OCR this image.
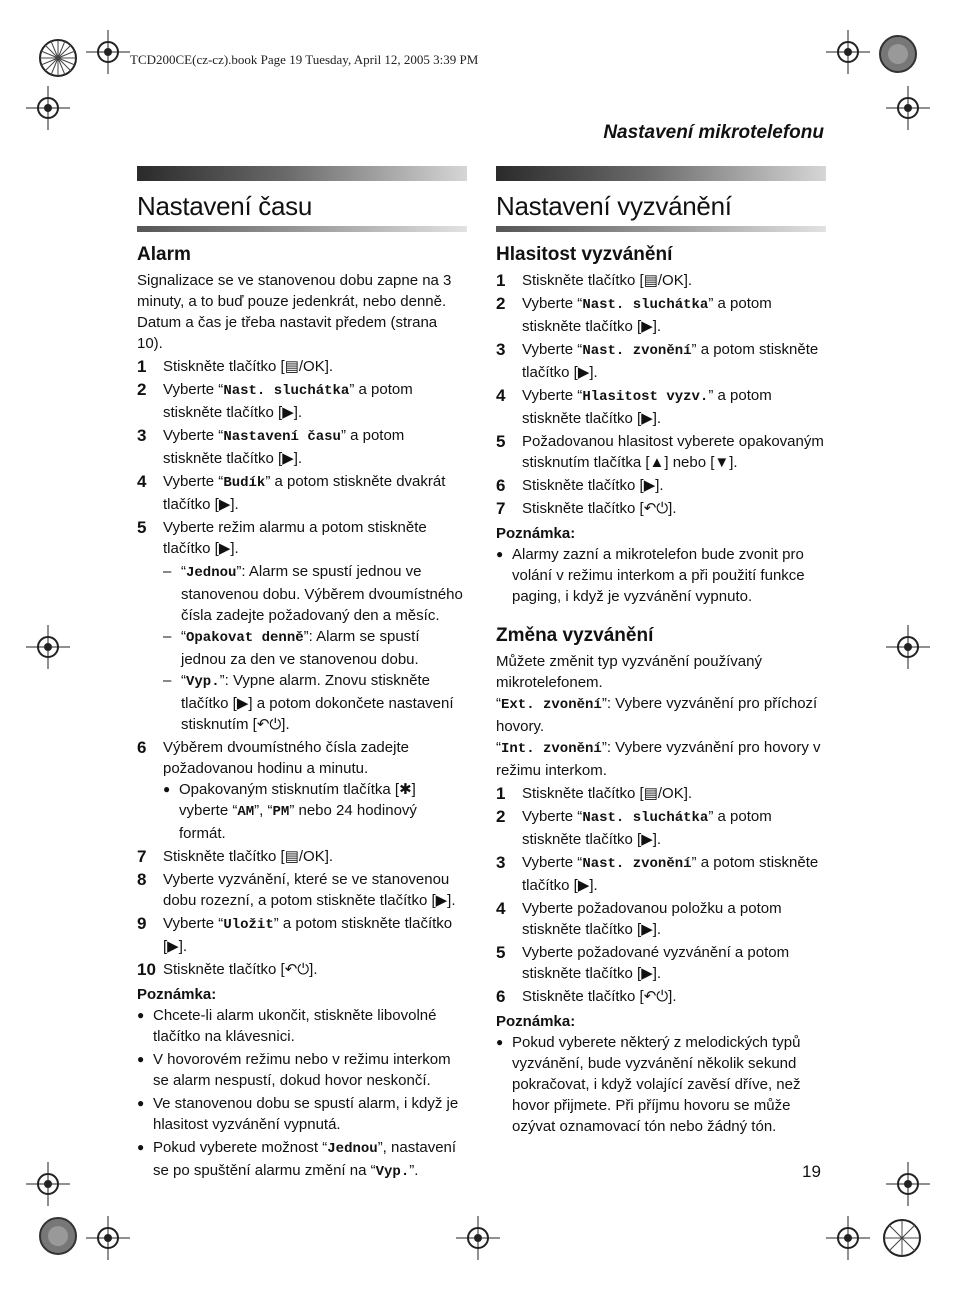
TCD200CE(cz-cz).book Page 19 Tuesday, April 12, 2005 3:39 PM
Nastavení mikrotelefonu
Nastavení času
Alarm

Signalizace se ve stanovenou dobu zapne na 3 minuty, a to buď pouze jedenkrát, nebo denně. Datum a čas je třeba nastavit předem (strana 10).

1 Stiskněte tlačítko [▤/OK].
2 Vyberte “Nast. sluchátka” a potom stiskněte tlačítko [▶].
3 Vyberte “Nastavení času” a potom stiskněte tlačítko [▶].
4 Vyberte “Budík” a potom stiskněte dvakrát tlačítko [▶].
5 Vyberte režim alarmu a potom stiskněte tlačítko [▶].
– “Jednou”: Alarm se spustí jednou ve stanovenou dobu. Výběrem dvoumístného čísla zadejte požadovaný den a měsíc.
– “Opakovat denně”: Alarm se spustí jednou za den ve stanovenou dobu.
– “Vyp.”: Vypne alarm. Znovu stiskněte tlačítko [▶] a potom dokončete nastavení stisknutím [↶⏻].
6 Výběrem dvoumístného čísla zadejte požadovanou hodinu a minutu.
● Opakovaným stisknutím tlačítka [✱] vyberte “AM”, “PM” nebo 24 hodinový formát.
7 Stiskněte tlačítko [▤/OK].
8 Vyberte vyzvánění, které se ve stanovenou dobu rozezní, a potom stiskněte tlačítko [▶].
9 Vyberte “Uložit” a potom stiskněte tlačítko [▶].
10 Stiskněte tlačítko [↶⏻].
Poznámka:
● Chcete-li alarm ukončit, stiskněte libovolné tlačítko na klávesnici.
● V hovorovém režimu nebo v režimu interkom se alarm nespustí, dokud hovor neskončí.
● Ve stanovenou dobu se spustí alarm, i když je hlasitost vyzvánění vypnutá.
● Pokud vyberete možnost “Jednou”, nastavení se po spuštění alarmu změní na “Vyp.”.
Nastavení vyzvánění
Hlasitost vyzvánění
1 Stiskněte tlačítko [▤/OK].
2 Vyberte “Nast. sluchátka” a potom stiskněte tlačítko [▶].
3 Vyberte “Nast. zvonění” a potom stiskněte tlačítko [▶].
4 Vyberte “Hlasitost vyzv.” a potom stiskněte tlačítko [▶].
5 Požadovanou hlasitost vyberete opakovaným stisknutím tlačítka [▲] nebo [▼].
6 Stiskněte tlačítko [▶].
7 Stiskněte tlačítko [↶⏻].
Poznámka:
● Alarmy zazní a mikrotelefon bude zvonit pro volání v režimu interkom a při použití funkce paging, i když je vyzvánění vypnuto.
Změna vyzvánění

Můžete změnit typ vyzvánění používaný mikrotelefonem.

“Ext. zvonění”: Vybere vyzvánění pro příchozí hovory.

“Int. zvonění”: Vybere vyzvánění pro hovory v režimu interkom.

1 Stiskněte tlačítko [▤/OK].
2 Vyberte “Nast. sluchátka” a potom stiskněte tlačítko [▶].
3 Vyberte “Nast. zvonění” a potom stiskněte tlačítko [▶].
4 Vyberte požadovanou položku a potom stiskněte tlačítko [▶].
5 Vyberte požadované vyzvánění a potom stiskněte tlačítko [▶].
6 Stiskněte tlačítko [↶⏻].
Poznámka:
● Pokud vyberete některý z melodických typů vyzvánění, bude vyzvánění několik sekund pokračovat, i když volající zavěsí dříve, než hovor přijmete. Při příjmu hovoru se může ozývat oznamovací tón nebo žádný tón.
19
